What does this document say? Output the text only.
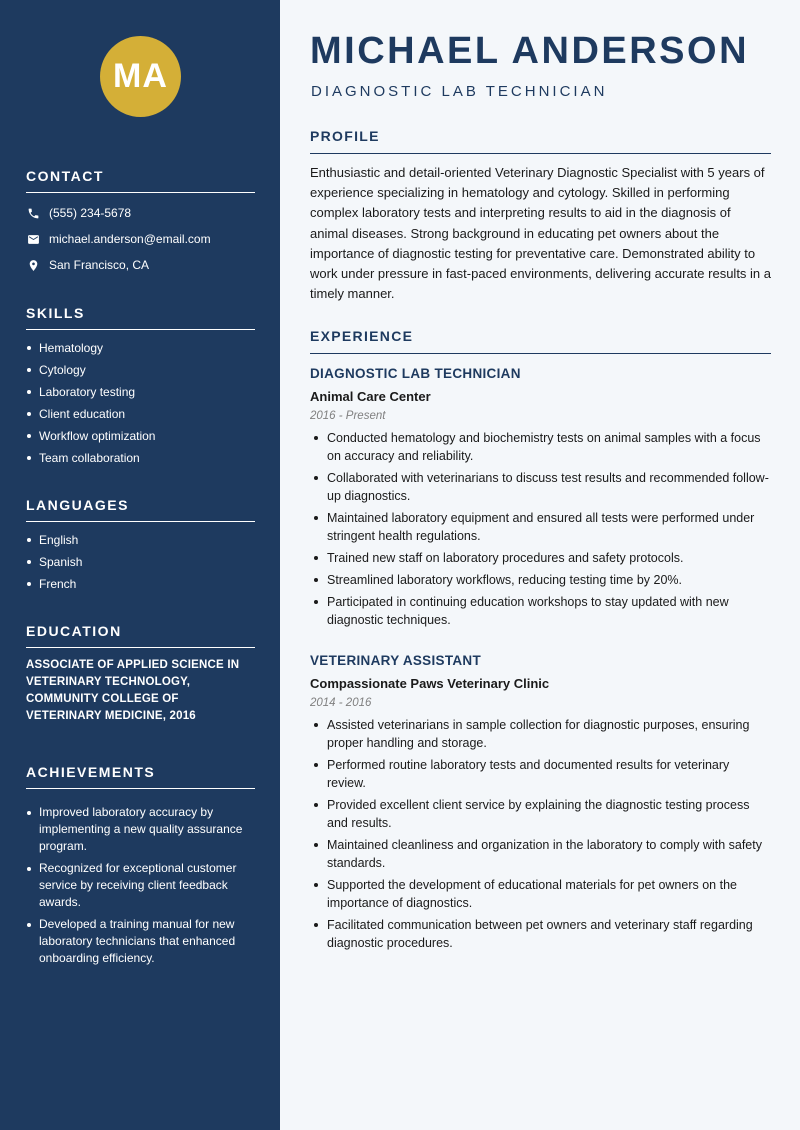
MA
CONTACT
(555) 234-5678
michael.anderson@email.com
San Francisco, CA
SKILLS
Hematology
Cytology
Laboratory testing
Client education
Workflow optimization
Team collaboration
LANGUAGES
English
Spanish
French
EDUCATION

ASSOCIATE OF APPLIED SCIENCE IN VETERINARY TECHNOLOGY, COMMUNITY COLLEGE OF VETERINARY MEDICINE, 2016

ACHIEVEMENTS
Improved laboratory accuracy by implementing a new quality assurance program.
Recognized for exceptional customer service by receiving client feedback awards.
Developed a training manual for new laboratory technicians that enhanced onboarding efficiency.
MICHAEL ANDERSON
DIAGNOSTIC LAB TECHNICIAN
PROFILE

Enthusiastic and detail-oriented Veterinary Diagnostic Specialist with 5 years of experience specializing in hematology and cytology. Skilled in performing complex laboratory tests and interpreting results to aid in the diagnosis of animal diseases. Strong background in educating pet owners about the importance of diagnostic testing for preventative care. Demonstrated ability to work under pressure in fast-paced environments, delivering accurate results in a timely manner.

EXPERIENCE
DIAGNOSTIC LAB TECHNICIAN
Animal Care Center
2016 - Present
Conducted hematology and biochemistry tests on animal samples with a focus on accuracy and reliability.
Collaborated with veterinarians to discuss test results and recommended follow-up diagnostics.
Maintained laboratory equipment and ensured all tests were performed under stringent health regulations.
Trained new staff on laboratory procedures and safety protocols.
Streamlined laboratory workflows, reducing testing time by 20%.
Participated in continuing education workshops to stay updated with new diagnostic techniques.
VETERINARY ASSISTANT
Compassionate Paws Veterinary Clinic
2014 - 2016
Assisted veterinarians in sample collection for diagnostic purposes, ensuring proper handling and storage.
Performed routine laboratory tests and documented results for veterinary review.
Provided excellent client service by explaining the diagnostic testing process and results.
Maintained cleanliness and organization in the laboratory to comply with safety standards.
Supported the development of educational materials for pet owners on the importance of diagnostics.
Facilitated communication between pet owners and veterinary staff regarding diagnostic procedures.
